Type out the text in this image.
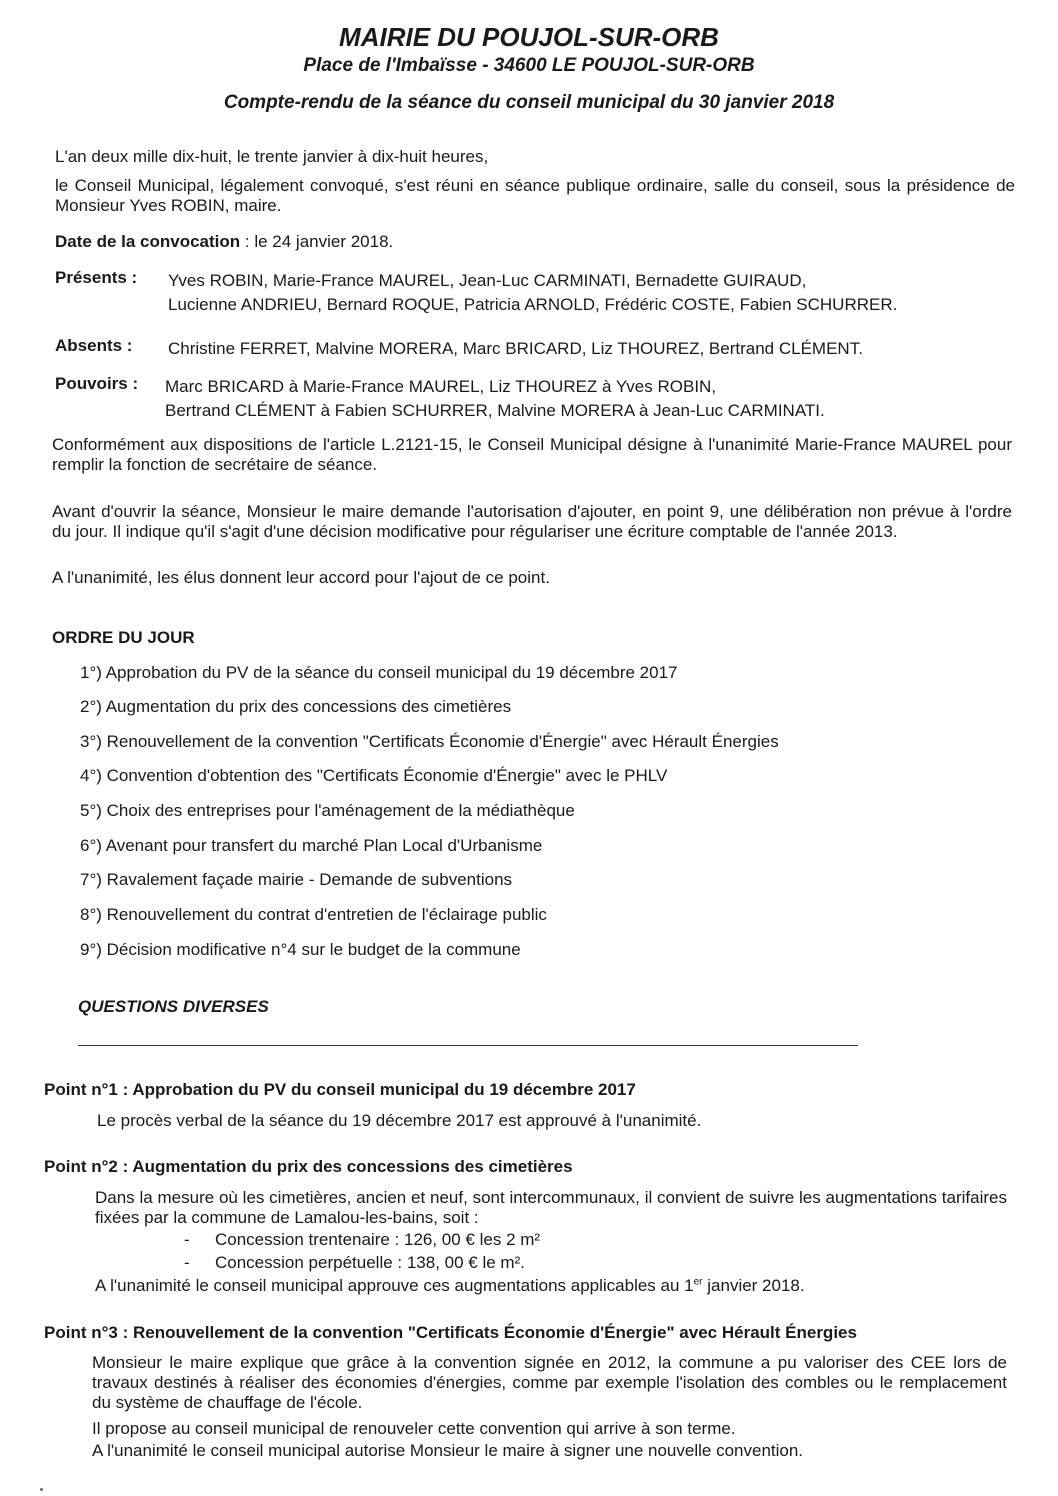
MAIRIE DU POUJOL-SUR-ORB
Place de l'Imbaïsse - 34600 LE POUJOL-SUR-ORB
Compte-rendu de la séance du conseil municipal du 30 janvier 2018

L'an deux mille dix-huit, le trente janvier à dix-huit heures,

le Conseil Municipal, légalement convoqué, s'est réuni en séance publique ordinaire, salle du conseil, sous la présidence de Monsieur Yves ROBIN, maire.

Date de la convocation : le 24 janvier 2018.

Présents : Yves ROBIN, Marie-France MAUREL, Jean-Luc CARMINATI, Bernadette GUIRAUD,
Lucienne ANDRIEU, Bernard ROQUE, Patricia ARNOLD, Frédéric COSTE, Fabien SCHURRER.
Absents : Christine FERRET, Malvine MORERA, Marc BRICARD, Liz THOUREZ, Bertrand CLÉMENT.
Pouvoirs : Marc BRICARD à Marie-France MAUREL, Liz THOUREZ à Yves ROBIN,
Bertrand CLÉMENT à Fabien SCHURRER, Malvine MORERA à Jean-Luc CARMINATI.

Conformément aux dispositions de l'article L.2121-15, le Conseil Municipal désigne à l'unanimité Marie-France MAUREL pour remplir la fonction de secrétaire de séance.

Avant d'ouvrir la séance, Monsieur le maire demande l'autorisation d'ajouter, en point 9, une délibération non prévue à l'ordre du jour. Il indique qu'il s'agit d'une décision modificative pour régulariser une écriture comptable de l'année 2013.

A l'unanimité, les élus donnent leur accord pour l'ajout de ce point.

ORDRE DU JOUR
1°) Approbation du PV de la séance du conseil municipal du 19 décembre 2017
2°) Augmentation du prix des concessions des cimetières
3°) Renouvellement de la convention "Certificats Économie d'Énergie" avec Hérault Énergies
4°) Convention d'obtention des "Certificats Économie d'Énergie" avec le PHLV
5°) Choix des entreprises pour l'aménagement de la médiathèque
6°) Avenant pour transfert du marché Plan Local d'Urbanisme
7°) Ravalement façade mairie - Demande de subventions
8°) Renouvellement du contrat d'entretien de l'éclairage public
9°) Décision modificative n°4 sur le budget de la commune
QUESTIONS DIVERSES
Point n°1 : Approbation du PV du conseil municipal du 19 décembre 2017

Le procès verbal de la séance du 19 décembre 2017 est approuvé à l'unanimité.

Point n°2 : Augmentation du prix des concessions des cimetières

Dans la mesure où les cimetières, ancien et neuf, sont intercommunaux, il convient de suivre les augmentations tarifaires fixées par la commune de Lamalou-les-bains, soit :

- Concession trentenaire : 126, 00 € les 2 m²
- Concession perpétuelle : 138, 00 € le m².

A l'unanimité le conseil municipal approuve ces augmentations applicables au 1er janvier 2018.

Point n°3 : Renouvellement de la convention "Certificats Économie d'Énergie" avec Hérault Énergies

Monsieur le maire explique que grâce à la convention signée en 2012, la commune a pu valoriser des CEE lors de travaux destinés à réaliser des économies d'énergies, comme par exemple l'isolation des combles ou le remplacement du système de chauffage de l'école.

Il propose au conseil municipal de renouveler cette convention qui arrive à son terme.

A l'unanimité le conseil municipal autorise Monsieur le maire à signer une nouvelle convention.
